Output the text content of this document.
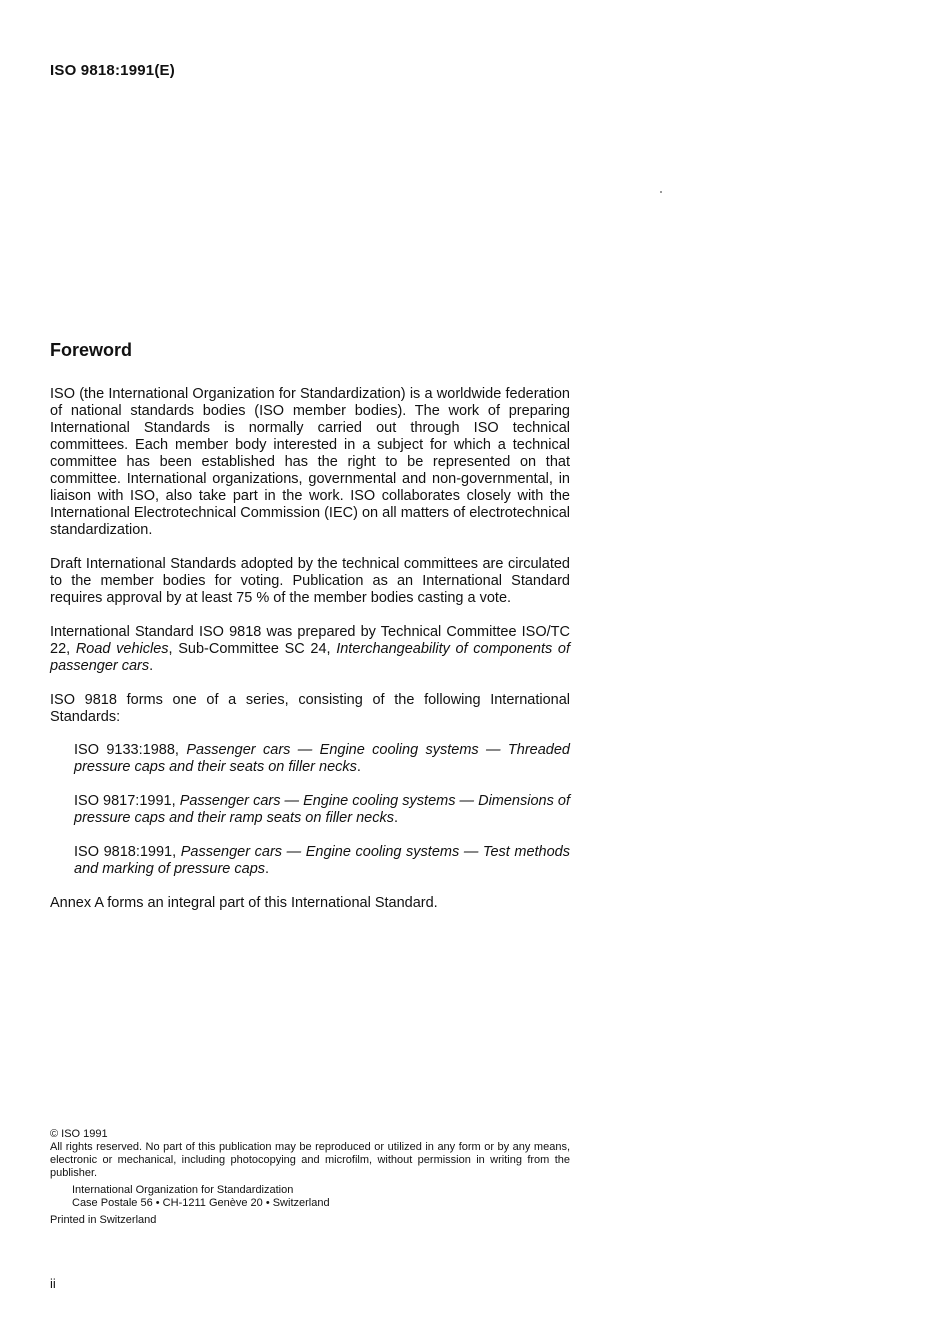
ISO 9818:1991(E)
Foreword

ISO (the International Organization for Standardization) is a worldwide federation of national standards bodies (ISO member bodies). The work of preparing International Standards is normally carried out through ISO technical committees. Each member body interested in a subject for which a technical committee has been established has the right to be represented on that committee. International organizations, governmental and non-governmental, in liaison with ISO, also take part in the work. ISO collaborates closely with the International Electrotechnical Commission (IEC) on all matters of electrotechnical standardization.

Draft International Standards adopted by the technical committees are circulated to the member bodies for voting. Publication as an International Standard requires approval by at least 75 % of the member bodies casting a vote.

International Standard ISO 9818 was prepared by Technical Committee ISO/TC 22, Road vehicles, Sub-Committee SC 24, Interchangeability of components of passenger cars.

ISO 9818 forms one of a series, consisting of the following International Standards:

ISO 9133:1988, Passenger cars — Engine cooling systems — Threaded pressure caps and their seats on filler necks.
ISO 9817:1991, Passenger cars — Engine cooling systems — Dimensions of pressure caps and their ramp seats on filler necks.
ISO 9818:1991, Passenger cars — Engine cooling systems — Test methods and marking of pressure caps.

Annex A forms an integral part of this International Standard.

© ISO 1991
All rights reserved. No part of this publication may be reproduced or utilized in any form or by any means, electronic or mechanical, including photocopying and microfilm, without permission in writing from the publisher.
International Organization for Standardization
Case Postale 56 • CH-1211 Genève 20 • Switzerland
Printed in Switzerland
ii
